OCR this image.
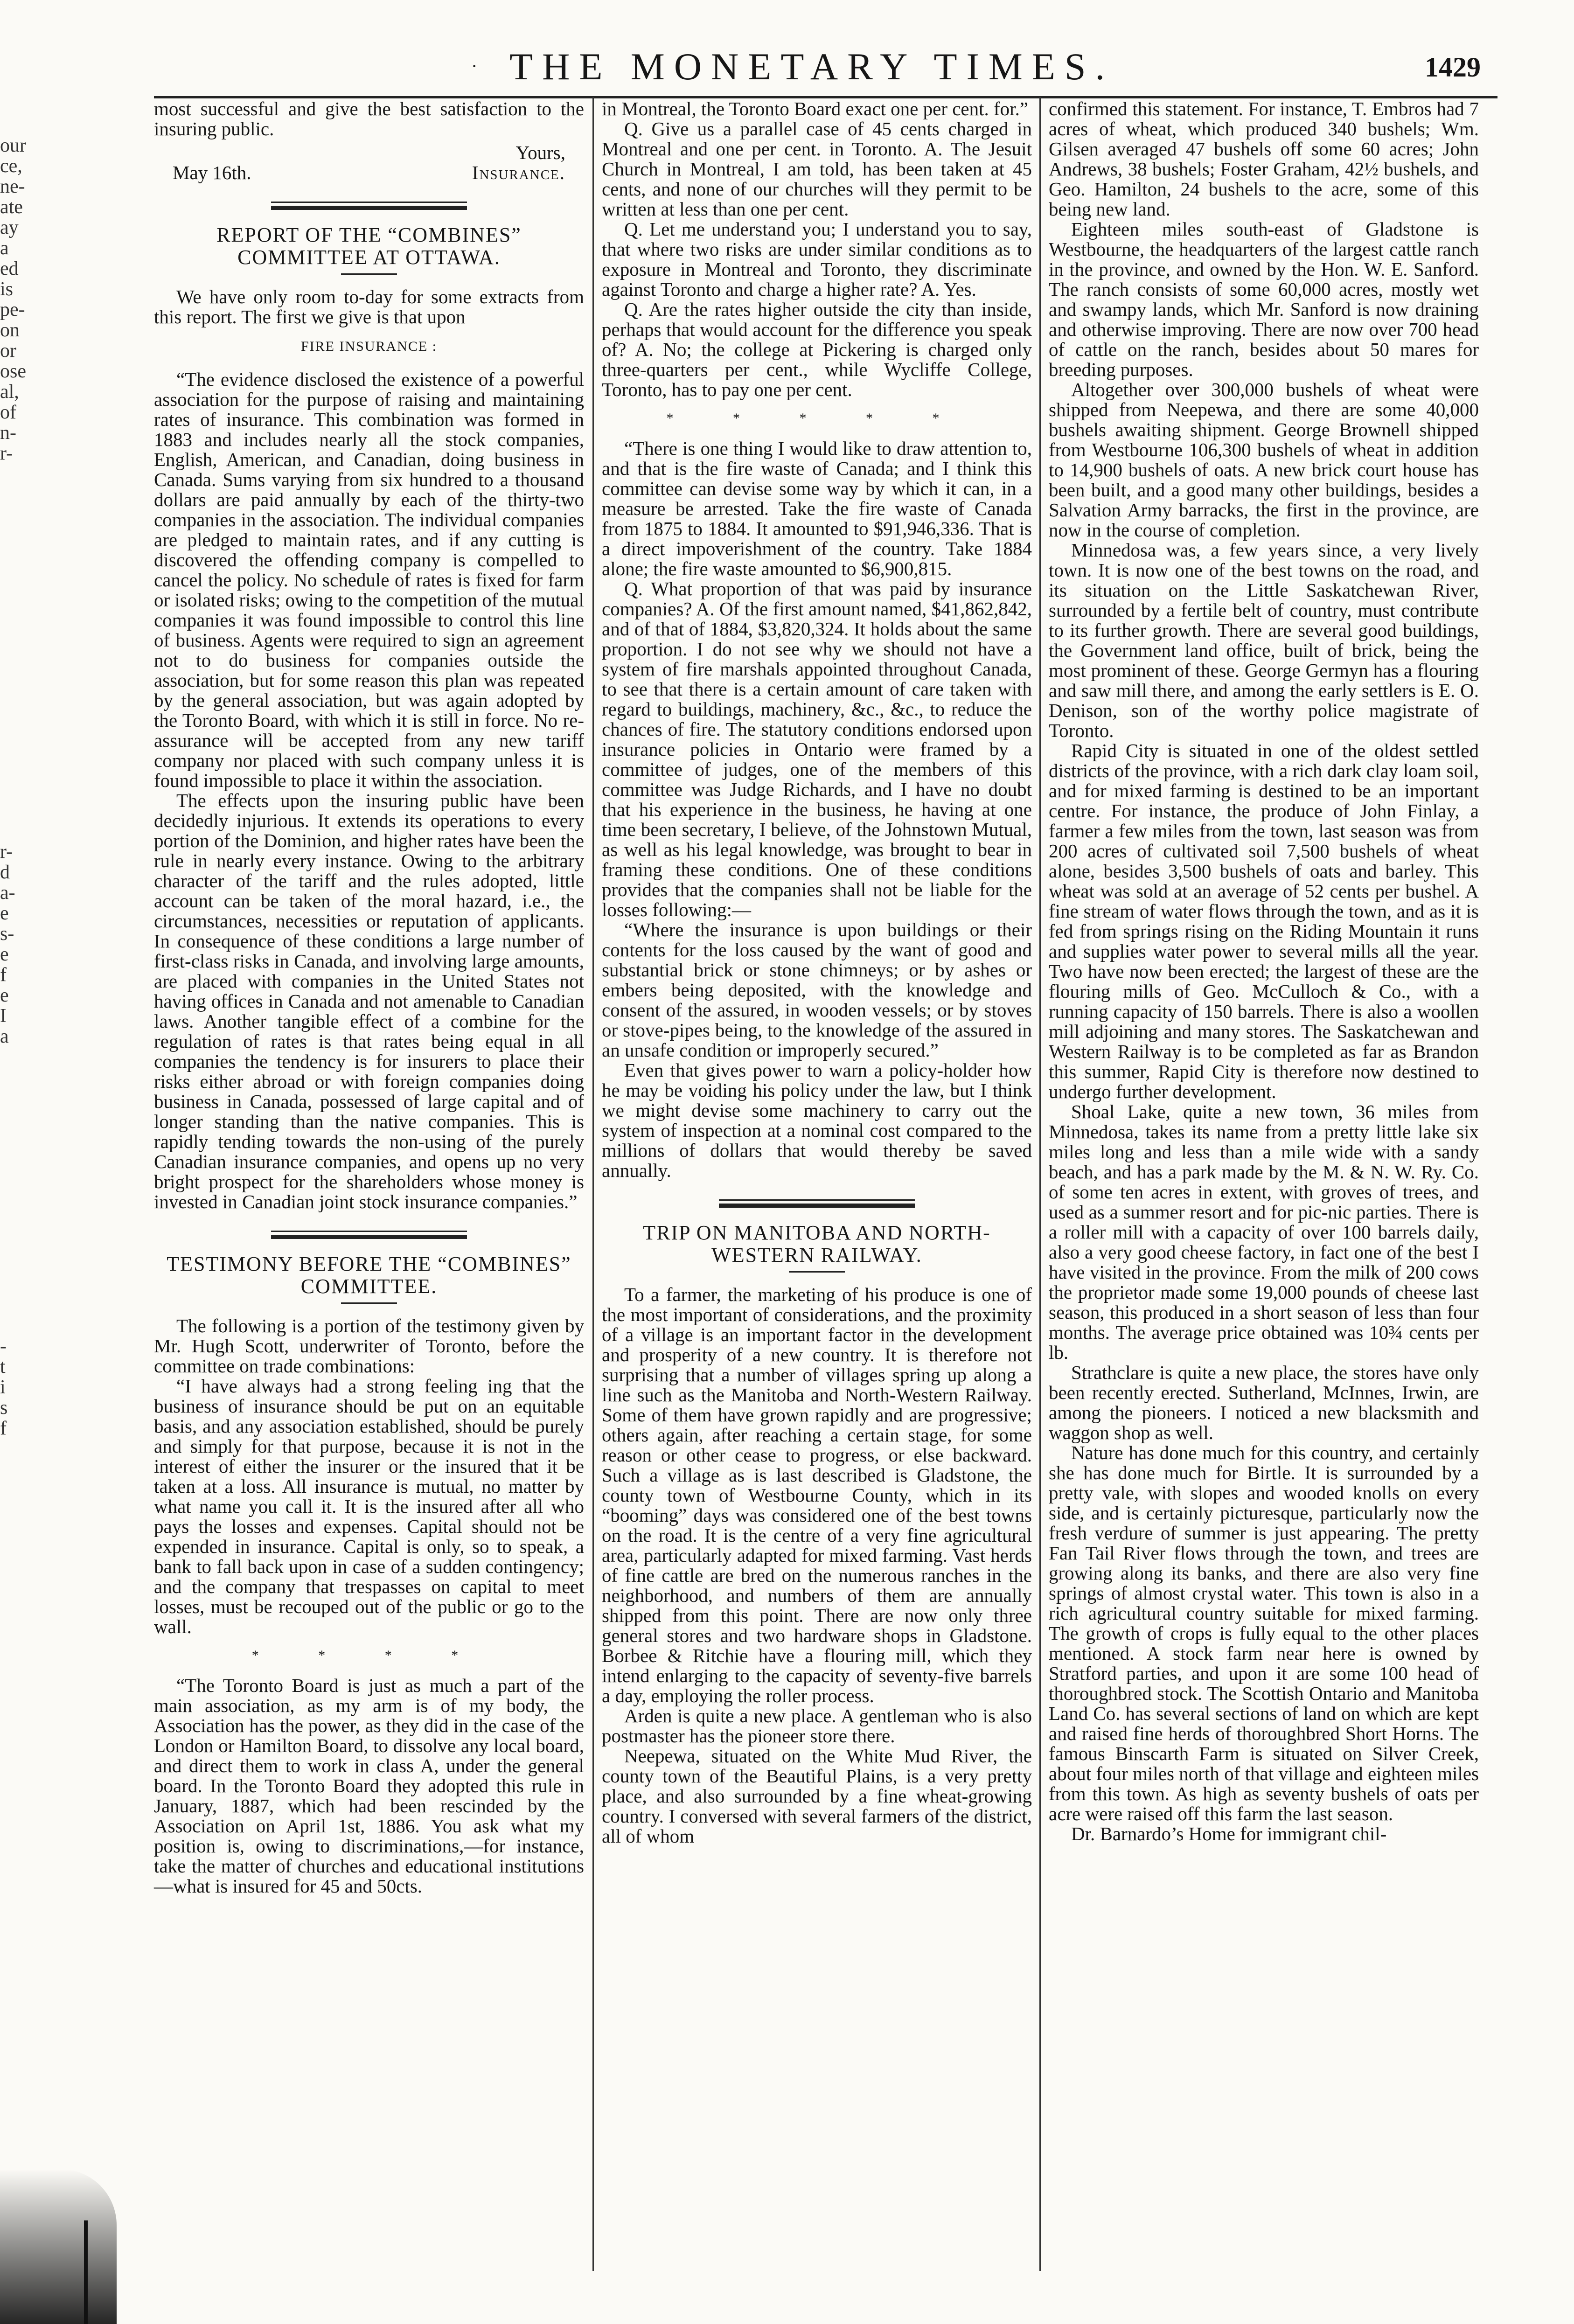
· THE MONETARY TIMES.	1429
our
ce,
ne-
ate
ay
a
ed
is
pe-
on
or
ose
al,
of
n-
r-
r-
d
a-
e
s-
e
f
e
I
a
-
t
i
s
f

most successful and give the best satisfaction to the insuring public.

Yours,
May 16th.	Insurance.
REPORT OF THE “COMBINES” COMMITTEE AT OTTAWA.

We have only room to-day for some extracts from this report. The first we give is that upon

FIRE INSURANCE :

“The evidence disclosed the existence of a powerful association for the purpose of raising and maintaining rates of insurance. This combination was formed in 1883 and includes nearly all the stock companies, English, American, and Canadian, doing business in Canada. Sums varying from six hundred to a thousand dollars are paid annually by each of the thirty-two companies in the association. The individual companies are pledged to maintain rates, and if any cutting is discovered the offending company is compelled to cancel the policy. No schedule of rates is fixed for farm or isolated risks; owing to the competition of the mutual companies it was found impossible to control this line of business. Agents were required to sign an agreement not to do business for companies outside the association, but for some reason this plan was repeated by the general association, but was again adopted by the Toronto Board, with which it is still in force. No re-assurance will be accepted from any new tariff company nor placed with such company unless it is found impossible to place it within the association.

The effects upon the insuring public have been decidedly injurious. It extends its operations to every portion of the Dominion, and higher rates have been the rule in nearly every instance. Owing to the arbitrary character of the tariff and the rules adopted, little account can be taken of the moral hazard, i.e., the circumstances, necessities or reputation of applicants. In consequence of these conditions a large number of first-class risks in Canada, and involving large amounts, are placed with companies in the United States not having offices in Canada and not amenable to Canadian laws. Another tangible effect of a combine for the regulation of rates is that rates being equal in all companies the tendency is for insurers to place their risks either abroad or with foreign companies doing business in Canada, possessed of large capital and of longer standing than the native companies. This is rapidly tending towards the non-using of the purely Canadian insurance companies, and opens up no very bright prospect for the shareholders whose money is invested in Canadian joint stock insurance companies.”

TESTIMONY BEFORE THE “COMBINES” COMMITTEE.

The following is a portion of the testimony given by Mr. Hugh Scott, underwriter of Toronto, before the committee on trade combinations:

“I have always had a strong feeling ing that the business of insurance should be put on an equitable basis, and any association established, should be purely and simply for that purpose, because it is not in the interest of either the insurer or the insured that it be taken at a loss. All insurance is mutual, no matter by what name you call it. It is the insured after all who pays the losses and expenses. Capital should not be expended in insurance. Capital is only, so to speak, a bank to fall back upon in case of a sudden contingency; and the company that trespasses on capital to meet losses, must be recouped out of the public or go to the wall.

* * * *

“The Toronto Board is just as much a part of the main association, as my arm is of my body, the Association has the power, as they did in the case of the London or Hamilton Board, to dissolve any local board, and direct them to work in class A, under the general board. In the Toronto Board they adopted this rule in January, 1887, which had been rescinded by the Association on April 1st, 1886. You ask what my position is, owing to discriminations,—for instance, take the matter of churches and educational institutions—what is insured for 45 and 50cts.

in Montreal, the Toronto Board exact one per cent. for.”

Q. Give us a parallel case of 45 cents charged in Montreal and one per cent. in Toronto. A. The Jesuit Church in Montreal, I am told, has been taken at 45 cents, and none of our churches will they permit to be written at less than one per cent.

Q. Let me understand you; I understand you to say, that where two risks are under similar conditions as to exposure in Montreal and Toronto, they discriminate against Toronto and charge a higher rate? A. Yes.

Q. Are the rates higher outside the city than inside, perhaps that would account for the difference you speak of? A. No; the college at Pickering is charged only three-quarters per cent., while Wycliffe College, Toronto, has to pay one per cent.

* * * * *

“There is one thing I would like to draw attention to, and that is the fire waste of Canada; and I think this committee can devise some way by which it can, in a measure be arrested. Take the fire waste of Canada from 1875 to 1884. It amounted to $91,946,336. That is a direct impoverishment of the country. Take 1884 alone; the fire waste amounted to $6,900,815.

Q. What proportion of that was paid by insurance companies? A. Of the first amount named, $41,862,842, and of that of 1884, $3,820,324. It holds about the same proportion. I do not see why we should not have a system of fire marshals appointed throughout Canada, to see that there is a certain amount of care taken with regard to buildings, machinery, &c., &c., to reduce the chances of fire. The statutory conditions endorsed upon insurance policies in Ontario were framed by a committee of judges, one of the members of this committee was Judge Richards, and I have no doubt that his experience in the business, he having at one time been secretary, I believe, of the Johnstown Mutual, as well as his legal knowledge, was brought to bear in framing these conditions. One of these conditions provides that the companies shall not be liable for the losses following:—

“Where the insurance is upon buildings or their contents for the loss caused by the want of good and substantial brick or stone chimneys; or by ashes or embers being deposited, with the knowledge and consent of the assured, in wooden vessels; or by stoves or stove-pipes being, to the knowledge of the assured in an unsafe condition or improperly secured.”

Even that gives power to warn a policy-holder how he may be voiding his policy under the law, but I think we might devise some machinery to carry out the system of inspection at a nominal cost compared to the millions of dollars that would thereby be saved annually.

TRIP ON MANITOBA AND NORTH-WESTERN RAILWAY.

To a farmer, the marketing of his produce is one of the most important of considerations, and the proximity of a village is an important factor in the development and prosperity of a new country. It is therefore not surprising that a number of villages spring up along a line such as the Manitoba and North-Western Railway. Some of them have grown rapidly and are progressive; others again, after reaching a certain stage, for some reason or other cease to progress, or else backward. Such a village as is last described is Gladstone, the county town of Westbourne County, which in its “booming” days was considered one of the best towns on the road. It is the centre of a very fine agricultural area, particularly adapted for mixed farming. Vast herds of fine cattle are bred on the numerous ranches in the neighborhood, and numbers of them are annually shipped from this point. There are now only three general stores and two hardware shops in Gladstone. Borbee & Ritchie have a flouring mill, which they intend enlarging to the capacity of seventy-five barrels a day, employing the roller process.

Arden is quite a new place. A gentleman who is also postmaster has the pioneer store there.

Neepewa, situated on the White Mud River, the county town of the Beautiful Plains, is a very pretty place, and also surrounded by a fine wheat-growing country. I conversed with several farmers of the district, all of whom

confirmed this statement. For instance, T. Embros had 7 acres of wheat, which produced 340 bushels; Wm. Gilsen averaged 47 bushels off some 60 acres; John Andrews, 38 bushels; Foster Graham, 42½ bushels, and Geo. Hamilton, 24 bushels to the acre, some of this being new land.

Eighteen miles south-east of Gladstone is Westbourne, the headquarters of the largest cattle ranch in the province, and owned by the Hon. W. E. Sanford. The ranch consists of some 60,000 acres, mostly wet and swampy lands, which Mr. Sanford is now draining and otherwise improving. There are now over 700 head of cattle on the ranch, besides about 50 mares for breeding purposes.

Altogether over 300,000 bushels of wheat were shipped from Neepewa, and there are some 40,000 bushels awaiting shipment. George Brownell shipped from Westbourne 106,300 bushels of wheat in addition to 14,900 bushels of oats. A new brick court house has been built, and a good many other buildings, besides a Salvation Army barracks, the first in the province, are now in the course of completion.

Minnedosa was, a few years since, a very lively town. It is now one of the best towns on the road, and its situation on the Little Saskatchewan River, surrounded by a fertile belt of country, must contribute to its further growth. There are several good buildings, the Government land office, built of brick, being the most prominent of these. George Germyn has a flouring and saw mill there, and among the early settlers is E. O. Denison, son of the worthy police magistrate of Toronto.

Rapid City is situated in one of the oldest settled districts of the province, with a rich dark clay loam soil, and for mixed farming is destined to be an important centre. For instance, the produce of John Finlay, a farmer a few miles from the town, last season was from 200 acres of cultivated soil 7,500 bushels of wheat alone, besides 3,500 bushels of oats and barley. This wheat was sold at an average of 52 cents per bushel. A fine stream of water flows through the town, and as it is fed from springs rising on the Riding Mountain it runs and supplies water power to several mills all the year. Two have now been erected; the largest of these are the flouring mills of Geo. McCulloch & Co., with a running capacity of 150 barrels. There is also a woollen mill adjoining and many stores. The Saskatchewan and Western Railway is to be completed as far as Brandon this summer, Rapid City is therefore now destined to undergo further development.

Shoal Lake, quite a new town, 36 miles from Minnedosa, takes its name from a pretty little lake six miles long and less than a mile wide with a sandy beach, and has a park made by the M. & N. W. Ry. Co. of some ten acres in extent, with groves of trees, and used as a summer resort and for pic-nic parties. There is a roller mill with a capacity of over 100 barrels daily, also a very good cheese factory, in fact one of the best I have visited in the province. From the milk of 200 cows the proprietor made some 19,000 pounds of cheese last season, this produced in a short season of less than four months. The average price obtained was 10¾ cents per lb.

Strathclare is quite a new place, the stores have only been recently erected. Sutherland, McInnes, Irwin, are among the pioneers. I noticed a new blacksmith and waggon shop as well.

Nature has done much for this country, and certainly she has done much for Birtle. It is surrounded by a pretty vale, with slopes and wooded knolls on every side, and is certainly picturesque, particularly now the fresh verdure of summer is just appearing. The pretty Fan Tail River flows through the town, and trees are growing along its banks, and there are also very fine springs of almost crystal water. This town is also in a rich agricultural country suitable for mixed farming. The growth of crops is fully equal to the other places mentioned. A stock farm near here is owned by Stratford parties, and upon it are some 100 head of thoroughbred stock. The Scottish Ontario and Manitoba Land Co. has several sections of land on which are kept and raised fine herds of thoroughbred Short Horns. The famous Binscarth Farm is situated on Silver Creek, about four miles north of that village and eighteen miles from this town. As high as seventy bushels of oats per acre were raised off this farm the last season.

Dr. Barnardo’s Home for immigrant chil-
